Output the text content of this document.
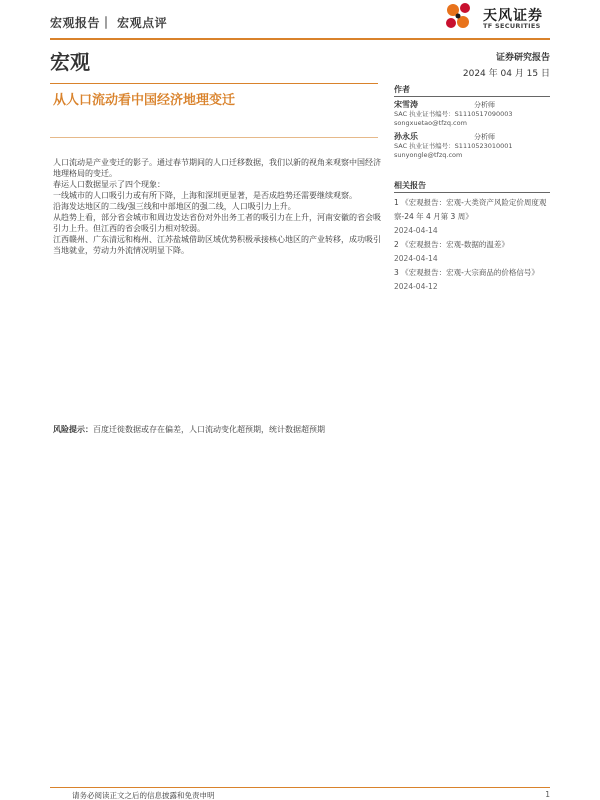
宏观报告｜ 宏观点评	天风证券
TF SECURITIES
宏观	证券研究报告
2024 年 04 月 15 日
从人口流动看中国经济地理变迁

人口流动是产业变迁的影子。通过春节期间的人口迁移数据，我们以新的视角来观察中国经济地理格局的变迁。

春运人口数据显示了四个现象：

一线城市的人口吸引力或有所下降，上海和深圳更显著，是否成趋势还需要继续观察。

沿海发达地区的二线/强三线和中部地区的强二线，人口吸引力上升。

从趋势上看，部分省会城市和周边发达省份对外出务工者的吸引力在上升，河南安徽的省会吸引力上升。但江西的省会吸引力相对较弱。

江西赣州、广东清远和梅州、江苏盐城借助区域优势积极承接核心地区的产业转移，成功吸引当地就业，劳动力外流情况明显下降。

风险提示：百度迁徙数据或存在偏差，人口流动变化超预期，统计数据超预期
作者
宋雪涛	分析师
SAC 执业证书编号：S1110517090003
songxuetao@tfzq.com
孙永乐	分析师
SAC 执业证书编号：S1110523010001
sunyongle@tfzq.com
相关报告
1 《宏观报告：宏观-大类资产风险定价周度观察-24 年 4 月第 3 周》
2024-04-14
2 《宏观报告：宏观-数据的温差》
2024-04-14
3 《宏观报告：宏观-大宗商品的价格信号》
2024-04-12
请务必阅读正文之后的信息披露和免责申明	1
